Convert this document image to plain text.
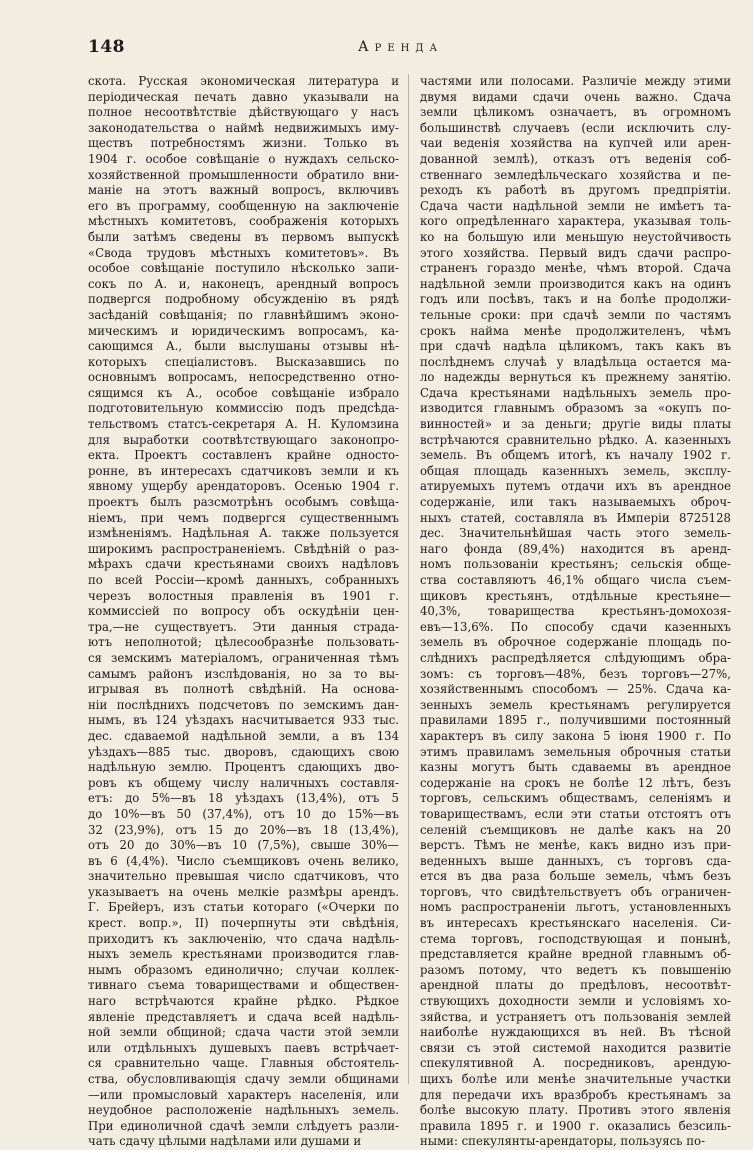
148	Аренда
скота. Русская экономическая литература и
періодическая печать давно указывали на
полное несоотвѣтствіе дѣйствующаго у насъ
законодательства о наймѣ недвижимыхъ иму-
ществъ потребностямъ жизни. Только въ
1904 г. особое совѣщаніе о нуждахъ сельско-
хозяйственной промышленности обратило вни-
маніе на этотъ важный вопросъ, включивъ
его въ программу, сообщенную на заключеніе
мѣстныхъ комитетовъ, соображенія которыхъ
были затѣмъ сведены въ первомъ выпускѣ
«Свода трудовъ мѣстныхъ комитетовъ». Въ
особое совѣщаніе поступило нѣсколько запи-
сокъ по А. и, наконецъ, арендный вопросъ
подвергся подробному обсужденію въ рядѣ
засѣданій совѣщанія; по главнѣйшимъ эконо-
мическимъ и юридическимъ вопросамъ, ка-
сающимся А., были выслушаны отзывы нѣ-
которыхъ спеціалистовъ. Высказавшись по
основнымъ вопросамъ, непосредственно отно-
сящимся къ А., особое совѣщаніе избрало
подготовительную коммиссію подъ предсѣда-
тельствомъ статсъ-секретаря А. Н. Куломзина
для выработки соотвѣтствующаго законопро-
екта. Проектъ составленъ крайне односто-
ронне, въ интересахъ сдатчиковъ земли и къ
явному ущербу арендаторовъ. Осенью 1904 г.
проектъ былъ разсмотрѣнъ особымъ совѣща-
ніемъ, при чемъ подвергся существеннымъ
измѣненіямъ. Надѣльная А. также пользуется
широкимъ распространеніемъ. Свѣдѣній о раз-
мѣрахъ сдачи крестьянами своихъ надѣловъ
по всей Россіи—кромѣ данныхъ, собранныхъ
черезъ волостныя правленія въ 1901 г.
коммиссіей по вопросу объ оскудѣніи цен-
тра,—не существуетъ. Эти данныя страда-
ютъ неполнотой; цѣлесообразнѣе пользовать-
ся земскимъ матеріаломъ, ограниченная тѣмъ
самымъ районъ изслѣдованія, но за то вы-
игрывая въ полнотѣ свѣдѣній. На основа-
ніи послѣднихъ подсчетовъ по земскимъ дан-
нымъ, въ 124 уѣздахъ насчитывается 933 тыс.
дес. сдаваемой надѣльной земли, а въ 134
уѣздахъ—885 тыс. дворовъ, сдающихъ свою
надѣльную землю. Процентъ сдающихъ дво-
ровъ къ общему числу наличныхъ составля-
етъ: до 5%—въ 18 уѣздахъ (13,4%), отъ 5
до 10%—въ 50 (37,4%), отъ 10 до 15%—въ
32 (23,9%), отъ 15 до 20%—въ 18 (13,4%),
отъ 20 до 30%—въ 10 (7,5%), свыше 30%—
въ 6 (4,4%). Число съемщиковъ очень велико,
значительно превышая число сдатчиковъ, что
указываетъ на очень мелкіе размѣры арендъ.
Г. Брейеръ, изъ статьи котораго («Очерки по
крест. вопр.», II) почерпнуты эти свѣдѣнія,
приходитъ къ заключенію, что сдача надѣль-
ныхъ земель крестьянами производится глав-
нымъ образомъ единолично; случаи коллек-
тивнаго съема товариществами и обществен-
наго встрѣчаются крайне рѣдко. Рѣдкое
явленіе представляетъ и сдача всей надѣль-
ной земли общиной; сдача части этой земли
или отдѣльныхъ душевыхъ паевъ встрѣчает-
ся сравнительно чаще. Главныя обстоятель-
ства, обусловливающія сдачу земли общинами
—или промысловый характеръ населенія, или
неудобное расположеніе надѣльныхъ земель.
При единоличной сдачѣ земли слѣдуетъ разли-
чать сдачу цѣлыми надѣлами или душами и
частями или полосами. Различіе между этими
двумя видами сдачи очень важно. Сдача
земли цѣликомъ означаетъ, въ огромномъ
большинствѣ случаевъ (если исключить слу-
чаи веденія хозяйства на купчей или арен-
дованной землѣ), отказъ отъ веденія соб-
ственнаго земледѣльческаго хозяйства и пе-
реходъ къ работѣ въ другомъ предпріятіи.
Сдача части надѣльной земли не имѣетъ та-
кого опредѣленнаго характера, указывая толь-
ко на большую или меньшую неустойчивость
этого хозяйства. Первый видъ сдачи распро-
страненъ гораздо менѣе, чѣмъ второй. Сдача
надѣльной земли производится какъ на одинъ
годъ или посѣвъ, такъ и на болѣе продолжи-
тельные сроки: при сдачѣ земли по частямъ
срокъ найма менѣе продолжителенъ, чѣмъ
при сдачѣ надѣла цѣликомъ, такъ какъ въ
послѣднемъ случаѣ у владѣльца остается ма-
ло надежды вернуться къ прежнему занятію.
Сдача крестьянами надѣльныхъ земель про-
изводится главнымъ образомъ за «окупъ по-
винностей» и за деньги; другіе виды платы
встрѣчаются сравнительно рѣдко. А. казенныхъ
земель. Въ общемъ итогѣ, къ началу 1902 г.
общая площадь казенныхъ земель, эксплу-
атируемыхъ путемъ отдачи ихъ въ арендное
содержаніе, или такъ называемыхъ оброч-
ныхъ статей, составляла въ Имперіи 8725128
дес. Значительнѣйшая часть этого земель-
наго фонда (89,4%) находится въ аренд-
номъ пользованіи крестьянъ; сельскія обще-
ства составляютъ 46,1% общаго числа съем-
щиковъ крестьянъ, отдѣльные крестьяне—
40,3%, товарищества крестьянъ-домохозя-
евъ—13,6%. По способу сдачи казенныхъ
земель въ оброчное содержаніе площадь по-
слѣднихъ распредѣляется слѣдующимъ обра-
зомъ: съ торговъ—48%, безъ торговъ—27%,
хозяйственнымъ способомъ — 25%. Сдача ка-
зенныхъ земель крестьянамъ регулируется
правилами 1895 г., получившими постоянный
характеръ въ силу закона 5 іюня 1900 г. По
этимъ правиламъ земельныя оброчныя статьи
казны могутъ быть сдаваемы въ арендное
содержаніе на срокъ не болѣе 12 лѣтъ, безъ
торговъ, сельскимъ обществамъ, селеніямъ и
товариществамъ, если эти статьи отстоятъ отъ
селеній съемщиковъ не далѣе какъ на 20
верстъ. Тѣмъ не менѣе, какъ видно изъ при-
веденныхъ выше данныхъ, съ торговъ сда-
ется въ два раза больше земель, чѣмъ безъ
торговъ, что свидѣтельствуетъ объ ограничен-
номъ распространеніи льготъ, установленныхъ
въ интересахъ крестьянскаго населенія. Си-
стема торговъ, господствующая и понынѣ,
представляется крайне вредной главнымъ об-
разомъ потому, что ведетъ къ повышенію
арендной платы до предѣловъ, несоотвѣт-
ствующихъ доходности земли и условіямъ хо-
зяйства, и устраняетъ отъ пользованія землей
наиболѣе нуждающихся въ ней. Въ тѣсной
связи съ этой системой находится развитіе
спекулятивной А. посредниковъ, арендую-
щихъ болѣе или менѣе значительные участки
для передачи ихъ вразбробъ крестьянамъ за
болѣе высокую плату. Противъ этого явленія
правила 1895 г. и 1900 г. оказались безсиль-
ными: спекулянты-арендаторы, пользуясь по-
